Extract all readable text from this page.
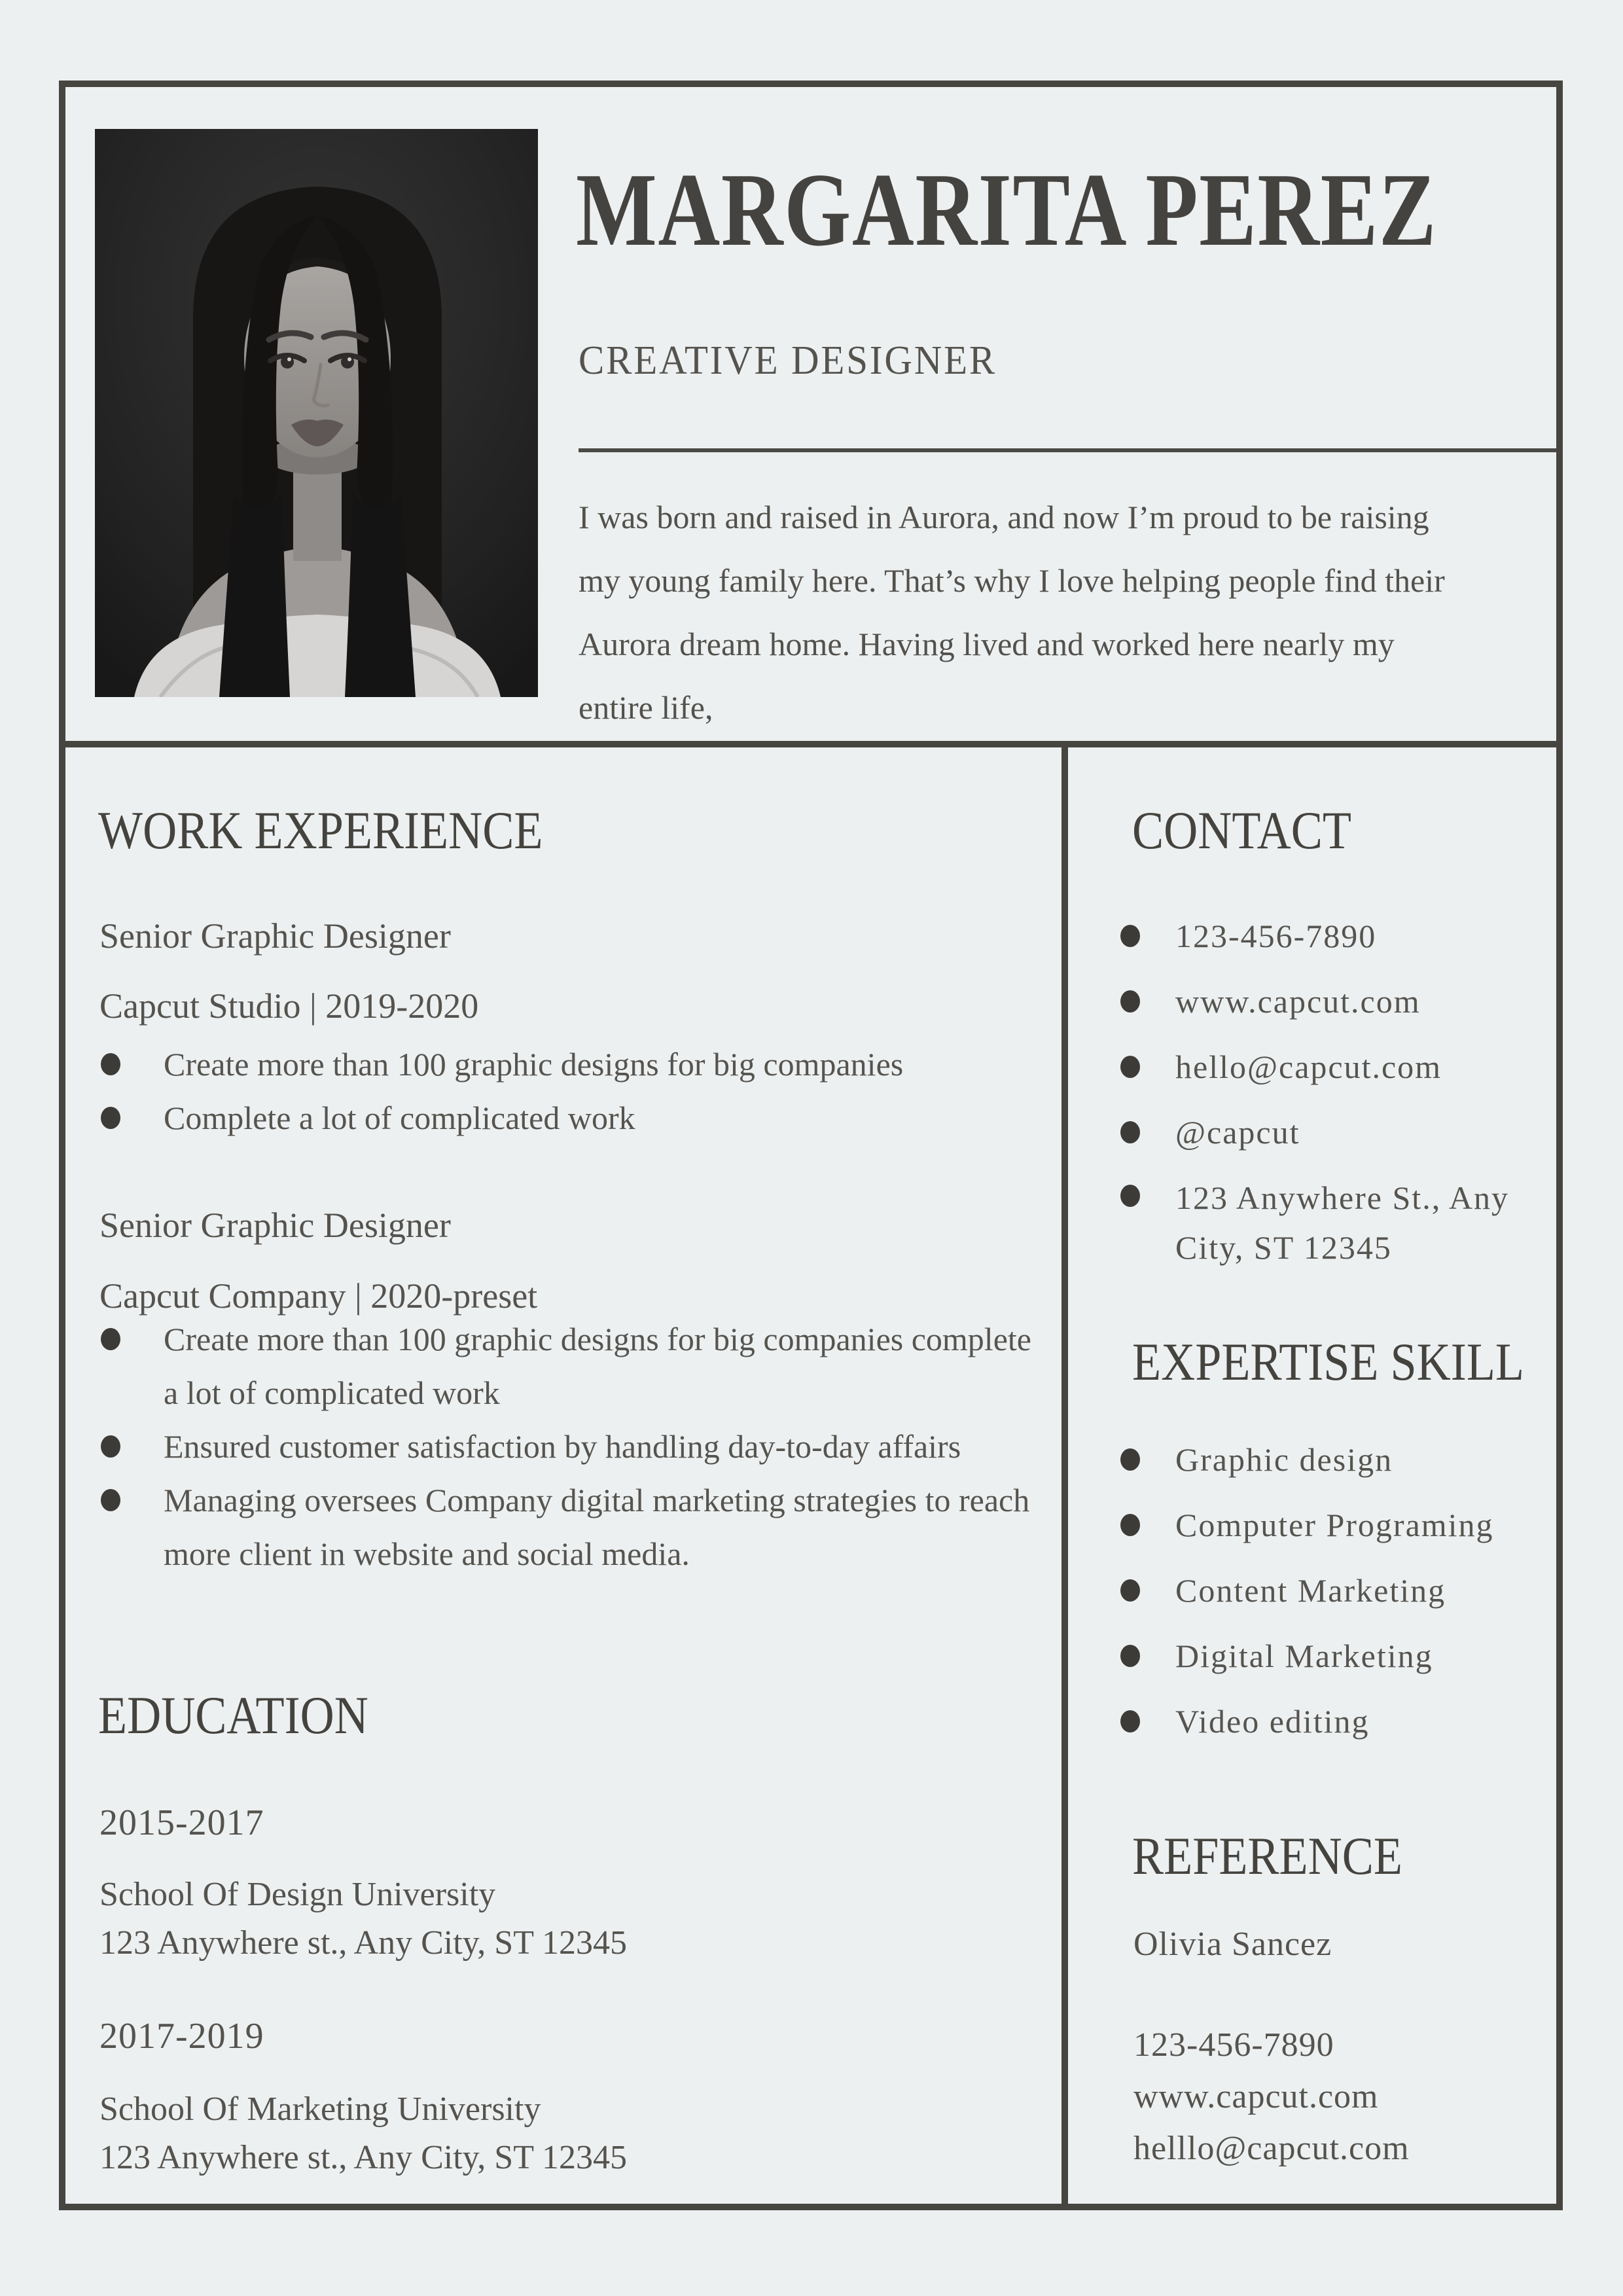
MARGARITA PEREZ
CREATIVE DESIGNER
I was born and raised in Aurora, and now I’m proud to be raising
my young family here. That’s why I love helping people find their
Aurora dream home. Having lived and worked here nearly my
entire life,
WORK EXPERIENCE
Senior Graphic Designer
Capcut Studio | 2019-2020
Create more than 100 graphic designs for big companies
Complete a lot of complicated work
Senior Graphic Designer
Capcut Company | 2020-preset
Create more than 100 graphic designs for big companies complete a lot of complicated work
Ensured customer satisfaction by handling day-to-day affairs
Managing oversees Company digital marketing strategies to reach more client in website and social media.
EDUCATION
2015-2017
School Of Design University
123 Anywhere st., Any City, ST 12345
2017-2019
School Of Marketing University
123 Anywhere st., Any City, ST 12345
CONTACT
123-456-7890
www.capcut.com
hello@capcut.com
@capcut
123 Anywhere St., Any City, ST 12345
EXPERTISE SKILL
Graphic design
Computer Programing
Content Marketing
Digital Marketing
Video editing
REFERENCE
Olivia Sancez
123-456-7890
www.capcut.com
helllo@capcut.com
